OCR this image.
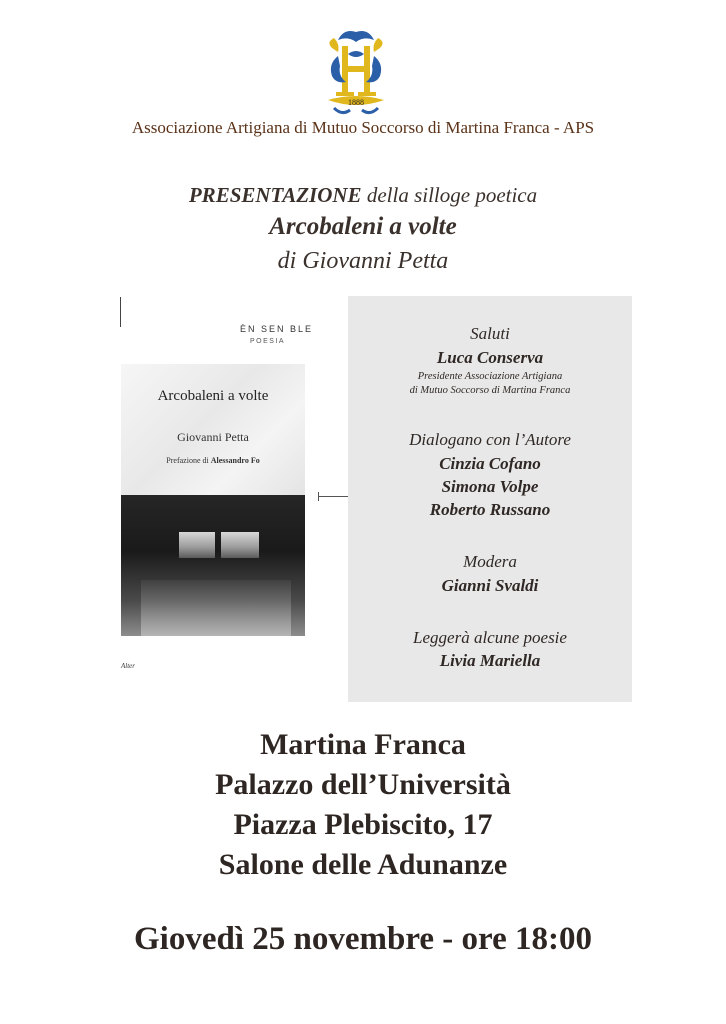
1888
Associazione Artigiana di Mutuo Soccorso di Martina Franca - APS
PRESENTAZIONE della silloge poetica
Arcobaleni a volte
di Giovanni Petta
ÈN SEN BLE
POESIA
Arcobaleni a volte
Giovanni Petta
Prefazione di Alessandro Fo
Alter
Saluti
Luca Conserva
Presidente Associazione Artigiana
di Mutuo Soccorso di Martina Franca
Dialogano con l’Autore
Cinzia Cofano
Simona Volpe
Roberto Russano
Modera
Gianni Svaldi
Leggerà alcune poesie
Livia Mariella
Martina Franca
Palazzo dell’Università
Piazza Plebiscito, 17
Salone delle Adunanze
Giovedì 25 novembre - ore 18:00
